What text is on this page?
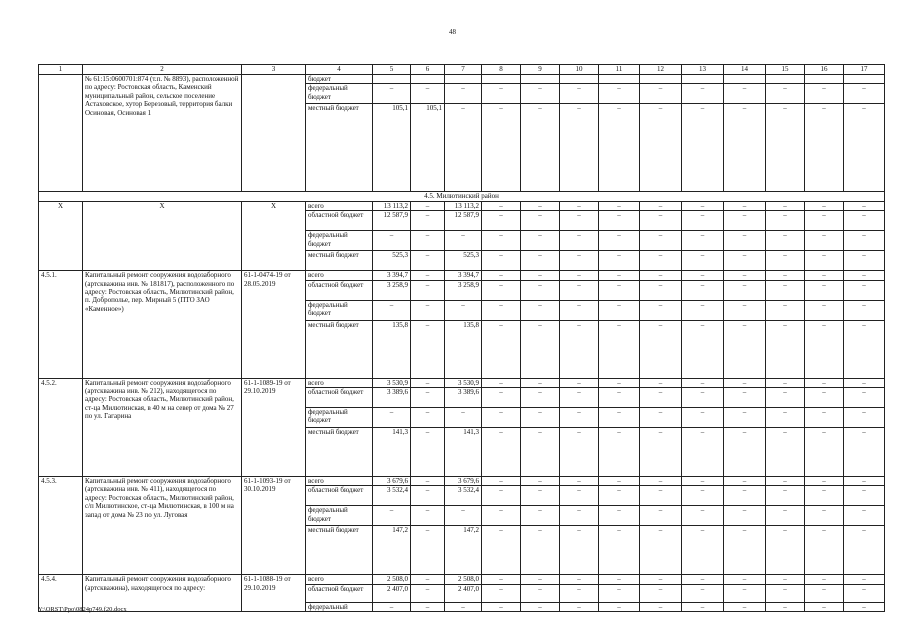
48
1	2	3	4	5	6	7	8	9	10	11	12	13	14	15	16	17
	№ 61:15:0600701:874 (т.п. № 8893), расположенной по адресу: Ростовская область, Каменский муниципальный район, сельское поселение Астаховское, хутор Березовый, территория балки Осиновая, Осиновая 1		бюджет													
			федеральный бюджет	–	–	–	–	–	–	–	–	–	–	–	–	–
			местный бюджет	105,1	105,1	–	–	–	–	–	–	–	–	–	–	–
4.5. Милютинский район																
Х	Х	Х	всего	13 113,2	–	13 113,2	–	–	–	–	–	–	–	–	–	–
			областной бюджет	12 587,9	–	12 587,9	–	–	–	–	–	–	–	–	–	–
			федеральный бюджет	–	–	–	–	–	–	–	–	–	–	–	–	–
			местный бюджет	525,3	–	525,3	–	–	–	–	–	–	–	–	–	–
4.5.1.	Капитальный ремонт сооружения водозаборного (артскважина инв. № 181817), расположенного по адресу: Ростовская область, Милютинский район, п. Доброполье, пер. Мирный 5 (ПТО ЗАО «Каменное»)	61-1-0474-19 от 28.05.2019	всего	3 394,7	–	3 394,7	–	–	–	–	–	–	–	–	–	–
			областной бюджет	3 258,9	–	3 258,9	–	–	–	–	–	–	–	–	–	–
			федеральный бюджет	–	–	–	–	–	–	–	–	–	–	–	–	–
			местный бюджет	135,8	–	135,8	–	–	–	–	–	–	–	–	–	–
4.5.2.	Капитальный ремонт сооружения водозаборного (артскважина инв. № 212), находящегося по адресу: Ростовская область, Милютинский район, ст-ца Милютинская, в 40 м на север от дома № 27 по ул. Гагарина	61-1-1089-19 от 29.10.2019	всего	3 530,9	–	3 530,9	–	–	–	–	–	–	–	–	–	–
			областной бюджет	3 389,6	–	3 389,6	–	–	–	–	–	–	–	–	–	–
			федеральный бюджет	–	–	–	–	–	–	–	–	–	–	–	–	–
			местный бюджет	141,3	–	141,3	–	–	–	–	–	–	–	–	–	–
4.5.3.	Капитальный ремонт сооружения водозаборного (артскважина инв. № 411), находящегося по адресу: Ростовская область, Милютинский район, с/п Милютинское, ст-ца Милютинская, в 100 м на запад от дома № 23 по ул. Луговая	61-1-1093-19 от 30.10.2019	всего	3 679,6	–	3 679,6	–	–	–	–	–	–	–	–	–	–
			областной бюджет	3 532,4	–	3 532,4	–	–	–	–	–	–	–	–	–	–
			федеральный бюджет	–	–	–	–	–	–	–	–	–	–	–	–	–
			местный бюджет	147,2	–	147,2	–	–	–	–	–	–	–	–	–	–
4.5.4.	Капитальный ремонт сооружения водозаборного (артскважина), находящегося по адресу:	61-1-1088-19 от 29.10.2019	всего	2 508,0	–	2 508,0	–	–	–	–	–	–	–	–	–	–
			областной бюджет	2 407,0	–	2 407,0	–	–	–	–	–	–	–	–	–	–
			федеральный	–	–	–	–	–	–	–	–	–	–	–	–	–
Y:\ORST\Ppo\0824p749.f20.docx
